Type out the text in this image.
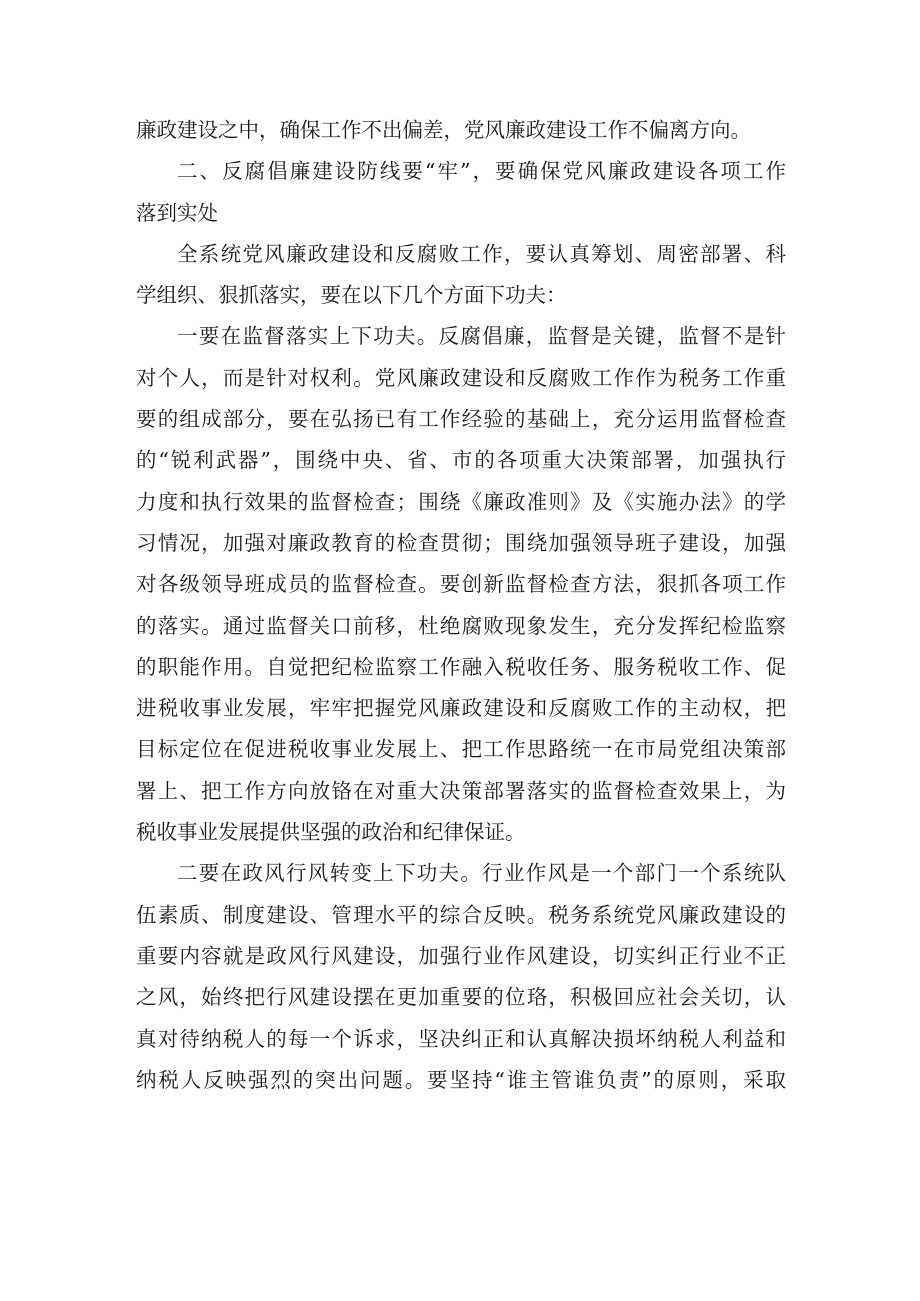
廉政建设之中，确保工作不出偏差，党风廉政建设工作不偏离方向。
二、反腐倡廉建设防线要“牢”，要确保党风廉政建设各项工作
落到实处
全系统党风廉政建设和反腐败工作，要认真筹划、周密部署、科
学组织、狠抓落实，要在以下几个方面下功夫：
一要在监督落实上下功夫。反腐倡廉，监督是关键，监督不是针
对个人，而是针对权利。党风廉政建设和反腐败工作作为税务工作重
要的组成部分，要在弘扬已有工作经验的基础上，充分运用监督检查
的“锐利武器”，围绕中央、省、市的各项重大决策部署，加强执行
力度和执行效果的监督检查；围绕《廉政准则》及《实施办法》的学
习情况，加强对廉政教育的检查贯彻；围绕加强领导班子建设，加强
对各级领导班成员的监督检查。要创新监督检查方法，狠抓各项工作
的落实。通过监督关口前移，杜绝腐败现象发生，充分发挥纪检监察
的职能作用。自觉把纪检监察工作融入税收任务、服务税收工作、促
进税收事业发展，牢牢把握党风廉政建设和反腐败工作的主动权，把
目标定位在促进税收事业发展上、把工作思路统一在市局党组决策部
署上、把工作方向放铬在对重大决策部署落实的监督检查效果上，为
税收事业发展提供坚强的政治和纪律保证。
二要在政风行风转变上下功夫。行业作风是一个部门一个系统队
伍素质、制度建设、管理水平的综合反映。税务系统党风廉政建设的
重要内容就是政风行风建设，加强行业作风建设，切实纠正行业不正
之风，始终把行风建设摆在更加重要的位珞，积极回应社会关切，认
真对待纳税人的每一个诉求，坚决纠正和认真解决损坏纳税人利益和
纳税人反映强烈的突出问题。要坚持“谁主管谁负责”的原则，采取
